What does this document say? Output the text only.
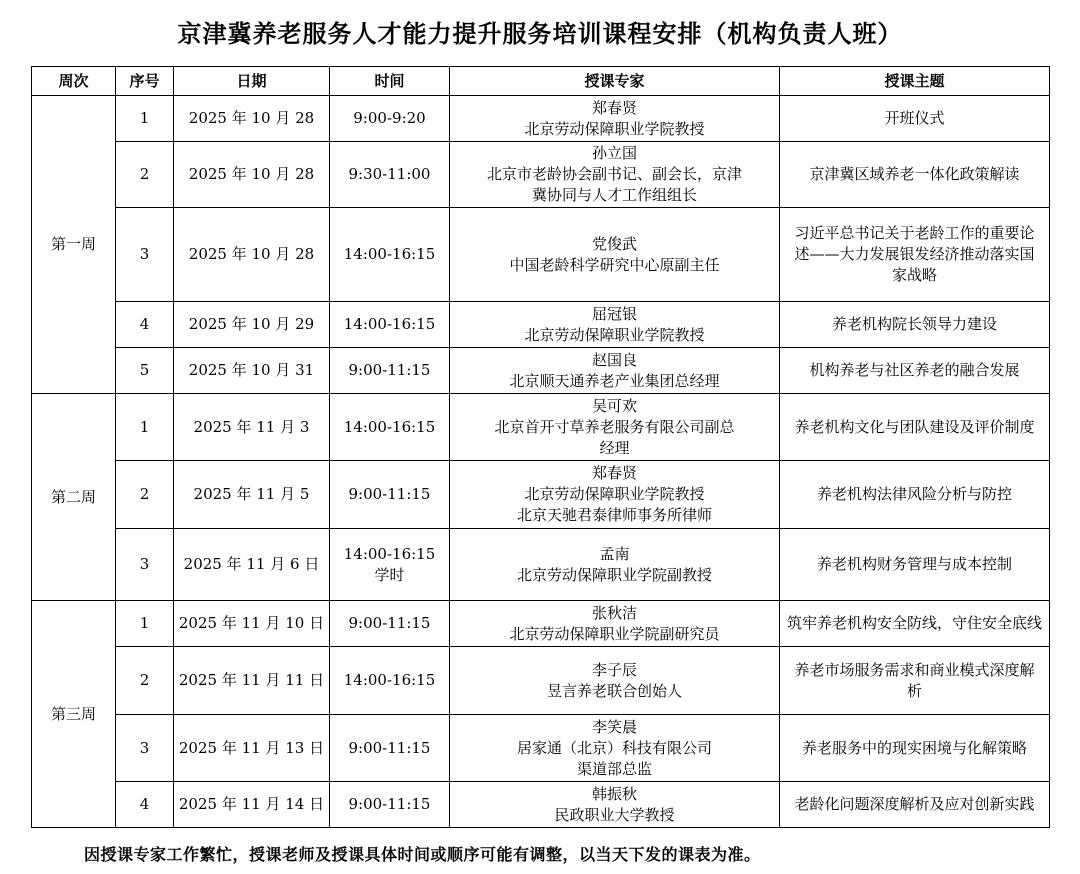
京津冀养老服务人才能力提升服务培训课程安排（机构负责人班）
周次	序号	日期	时间	授课专家	授课主题
第一周	1	2025 年 10 月 28	9:00-9:20	郑春贤
北京劳动保障职业学院教授	开班仪式

	2	2025 年 10 月 28	9:30-11:00	孙立国
北京市老龄协会副书记、副会长，京津
冀协同与人才工作组组长	京津冀区域养老一体化政策解读

	3	2025 年 10 月 28	14:00-16:15	党俊武
中国老龄科学研究中心原副主任	习近平总书记关于老龄工作的重要论
述——大力发展银发经济推动落实国
家战略

	4	2025 年 10 月 29	14:00-16:15	屈冠银
北京劳动保障职业学院教授	养老机构院长领导力建设

	5	2025 年 10 月 31	9:00-11:15	赵国良
北京顺天通养老产业集团总经理	机构养老与社区养老的融合发展

第二周	1	2025 年 11 月 3	14:00-16:15	吴可欢
北京首开寸草养老服务有限公司副总
经理	养老机构文化与团队建设及评价制度

	2	2025 年 11 月 5	9:00-11:15	郑春贤
北京劳动保障职业学院教授
北京天驰君泰律师事务所律师	养老机构法律风险分析与防控

	3	2025 年 11 月 6 日	14:00-16:15
学时	孟南
北京劳动保障职业学院副教授	养老机构财务管理与成本控制

第三周	1	2025 年 11 月 10 日	9:00-11:15	张秋洁
北京劳动保障职业学院副研究员	筑牢养老机构安全防线，守住安全底线

	2	2025 年 11 月 11 日	14:00-16:15	李子辰
昱言养老联合创始人	养老市场服务需求和商业模式深度解
析

	3	2025 年 11 月 13 日	9:00-11:15	李笑晨
居家通（北京）科技有限公司
渠道部总监	养老服务中的现实困境与化解策略

	4	2025 年 11 月 14 日	9:00-11:15	韩振秋
民政职业大学教授	老龄化问题深度解析及应对创新实践
因授课专家工作繁忙，授课老师及授课具体时间或顺序可能有调整，以当天下发的课表为准。
